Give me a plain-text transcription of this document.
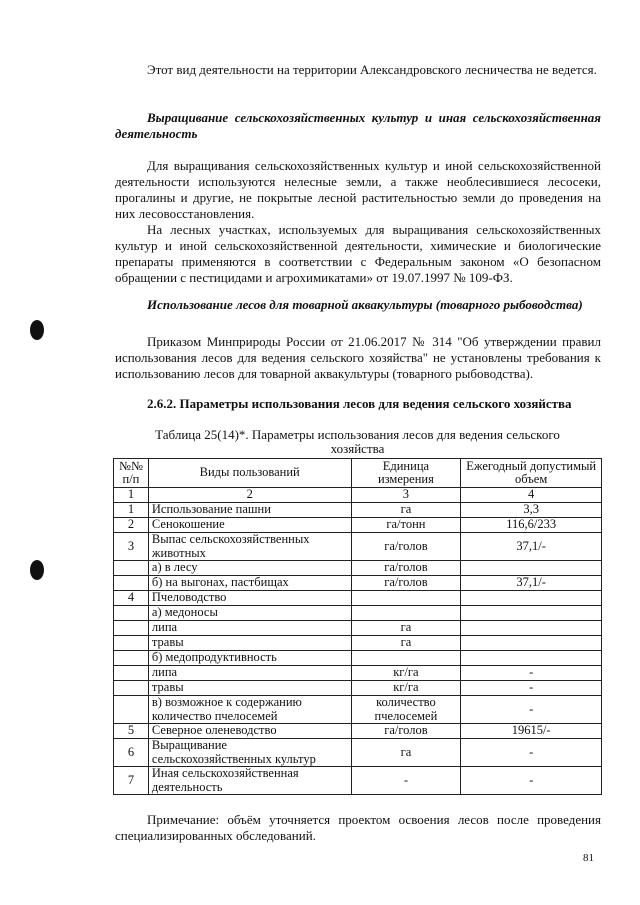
Этот вид деятельности на территории Александровского лесничества не ведется.
Выращивание сельскохозяйственных культур и иная сельскохозяйственная деятельность
Для выращивания сельскохозяйственных культур и иной сельскохозяйственной деятельности используются нелесные земли, а также необлесившиеся лесосеки, прогалины и другие, не покрытые лесной растительностью земли до проведения на них лесовосстановления.
На лесных участках, используемых для выращивания сельскохозяйственных культур и иной сельскохозяйственной деятельности, химические и биологические препараты применяются в соответствии с Федеральным законом «О безопасном обращении с пестицидами и агрохимикатами» от 19.07.1997 № 109-ФЗ.
Использование лесов для товарной аквакультуры (товарного рыбоводства)
Приказом Минприроды России от 21.06.2017 № 314 "Об утверждении правил использования лесов для ведения сельского хозяйства" не установлены требования к использованию лесов для товарной аквакультуры (товарного рыбоводства).
2.6.2. Параметры использования лесов для ведения сельского хозяйства
Таблица 25(14)*. Параметры использования лесов для ведения сельского хозяйства
№№ п/п	Виды пользований	Единица измерения	Ежегодный допустимый объем
1	2	3	4
1	Использование пашни	га	3,3
2	Сенокошение	га/тонн	116,6/233
3	Выпас сельскохозяйственных животных	га/голов	37,1/-
	а) в лесу	га/голов	
	б) на выгонах, пастбищах	га/голов	37,1/-
4	Пчеловодство		
	а) медоносы		
	липа	га	
	травы	га	
	б) медопродуктивность		
	липа	кг/га	-
	травы	кг/га	-
	в) возможное к содержанию количество пчелосемей	количество пчелосемей	-
5	Северное оленеводство	га/голов	19615/-
6	Выращивание сельскохозяйственных культур	га	-
7	Иная сельскохозяйственная деятельность	-	-
Примечание: объём уточняется проектом освоения лесов после проведения специализированных обследований.
81
